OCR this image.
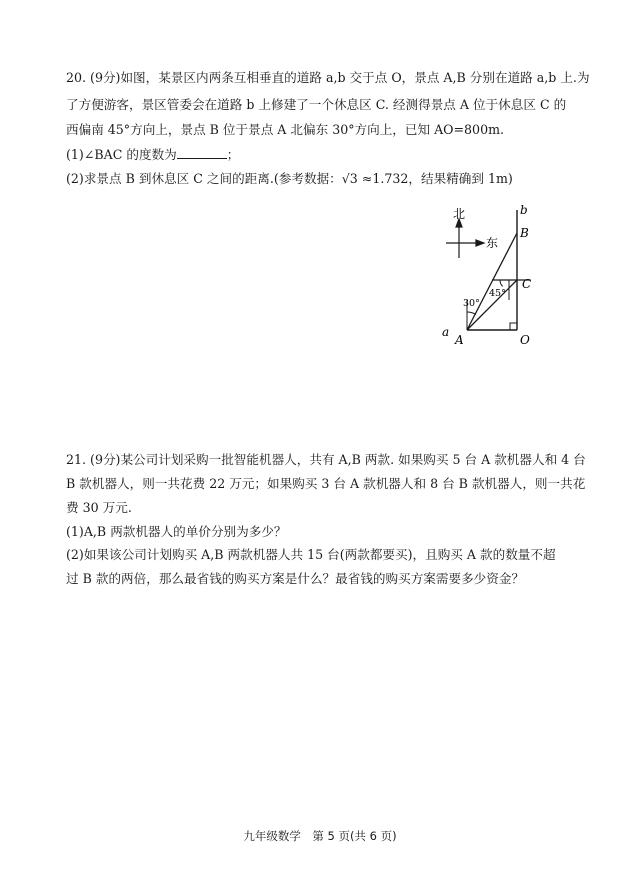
20. (9分)如图，某景区内两条互相垂直的道路 a,b 交于点 O，景点 A,B 分别在道路 a,b 上.为
了方便游客，景区管委会在道路 b 上修建了一个休息区 C. 经测得景点 A 位于休息区 C 的
西偏南 45°方向上，景点 B 位于景点 A 北偏东 30°方向上，已知 AO=800m.
(1)∠BAC 的度数为	；
(2)求景点 B 到休息区 C 之间的距离.(参考数据：√3 ≈1.732，结果精确到 1m)
北
东
b
B
C
a
A	O
45°
30°
21. (9分)某公司计划采购一批智能机器人，共有 A,B 两款. 如果购买 5 台 A 款机器人和 4 台
B 款机器人，则一共花费 22 万元；如果购买 3 台 A 款机器人和 8 台 B 款机器人，则一共花
费 30 万元.
(1)A,B 两款机器人的单价分别为多少？
(2)如果该公司计划购买 A,B 两款机器人共 15 台(两款都要买)，且购买 A 款的数量不超
过 B 款的两倍，那么最省钱的购买方案是什么？最省钱的购买方案需要多少资金？
九年级数学　第 5 页(共 6 页)
